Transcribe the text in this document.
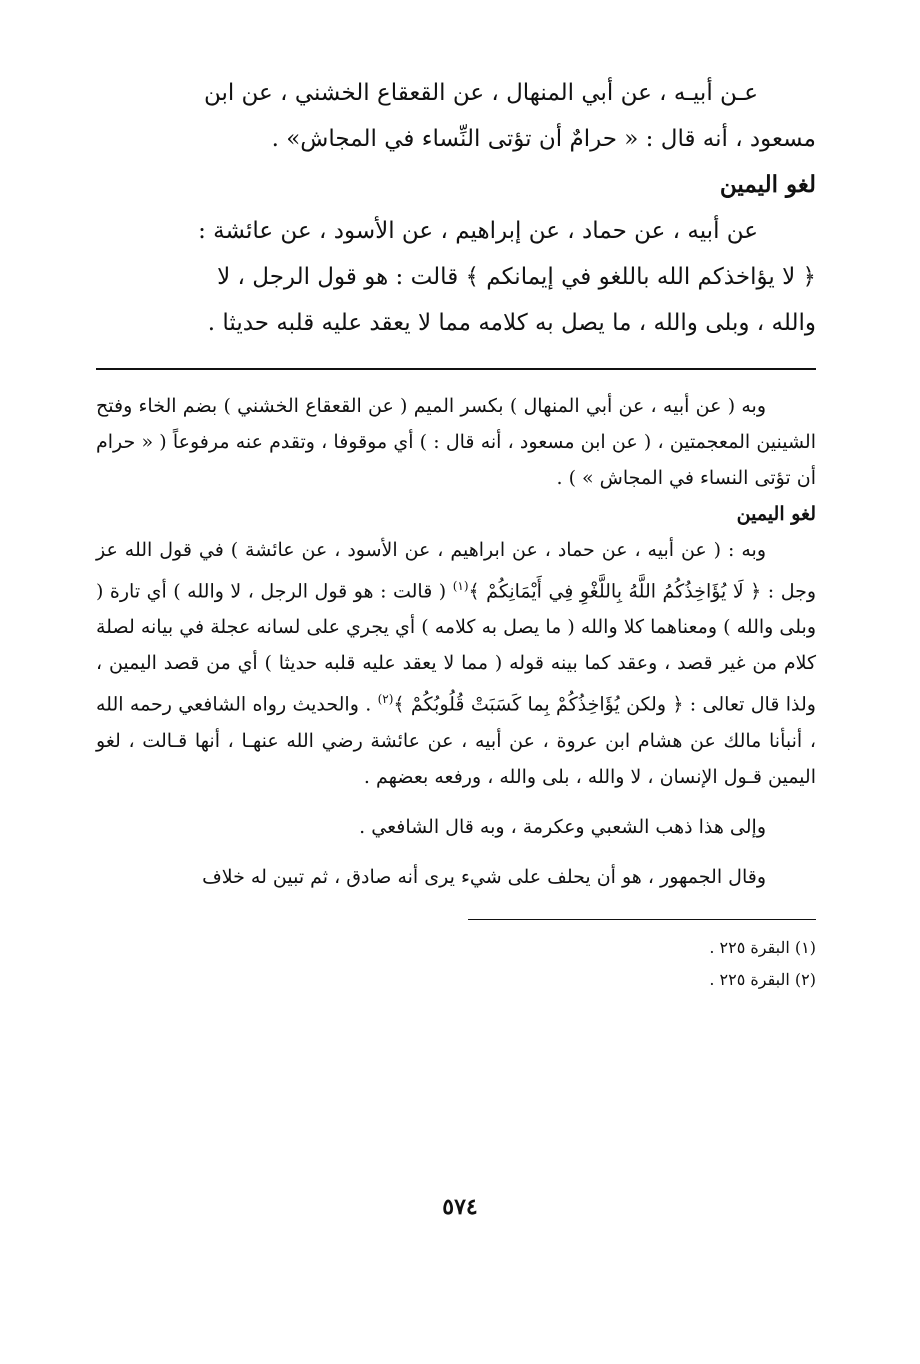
عـن أبيـه ، عن أبي المنهال ، عن القعقاع الخشني ، عن ابن

مسعود ، أنه قال : « حرامٌ أن تؤتى النِّساء في المجاش» .

لغو اليمين

عن أبيه ، عن حماد ، عن إبراهيم ، عن الأسود ، عن عائشة :

﴿ لا يؤاخذكم الله باللغو في إيمانكم ﴾ قالت : هو قول الرجل ، لا

والله ، وبلى والله ، ما يصل به كلامه مما لا يعقد عليه قلبه حديثا .

وبه ( عن أبيه ، عن أبي المنهال ) بكسر الميم ( عن القعقاع الخشني ) بضم الخاء وفتح الشينين المعجمتين ، ( عن ابن مسعود ، أنه قال : ) أي موقوفا ، وتقدم عنه مرفوعاً ( « حرام أن تؤتى النساء في المجاش » ) .

لغو اليمين

وبه : ( عن أبيه ، عن حماد ، عن ابراهيم ، عن الأسود ، عن عائشة ) في قول الله عز وجل : ﴿ لَا يُؤَاخِذُكُمُ اللَّهُ بِاللَّغْوِ فِي أَيْمَانِكُمْ ﴾$^{(١)}$ ( قالت : هو قول الرجل ، لا والله ) أي تارة ( وبلى والله ) ومعناهما كلا والله ( ما يصل به كلامه ) أي يجري على لسانه عجلة في بيانه لصلة كلام من غير قصد ، وعقد كما بينه قوله ( مما لا يعقد عليه قلبه حديثا ) أي من قصد اليمين ، ولذا قال تعالى : ﴿ ولكن يُؤَاخِذُكُمْ بِما كَسَبَتْ قُلُوبُكُمْ ﴾$^{(٢)}$ . والحديث رواه الشافعي رحمه الله ، أنبأنا مالك عن هشام ابن عروة ، عن أبيه ، عن عائشة رضي الله عنهـا ، أنها قـالت ، لغو اليمين قـول الإنسان ، لا والله ، بلى والله ، ورفعه بعضهم .

وإلى هذا ذهب الشعبي وعكرمة ، وبه قال الشافعي .

وقال الجمهور ، هو أن يحلف على شيء يرى أنه صادق ، ثم تبين له خلاف

(١) البقرة ٢٢٥ .

(٢) البقرة ٢٢٥ .

٥٧٤
